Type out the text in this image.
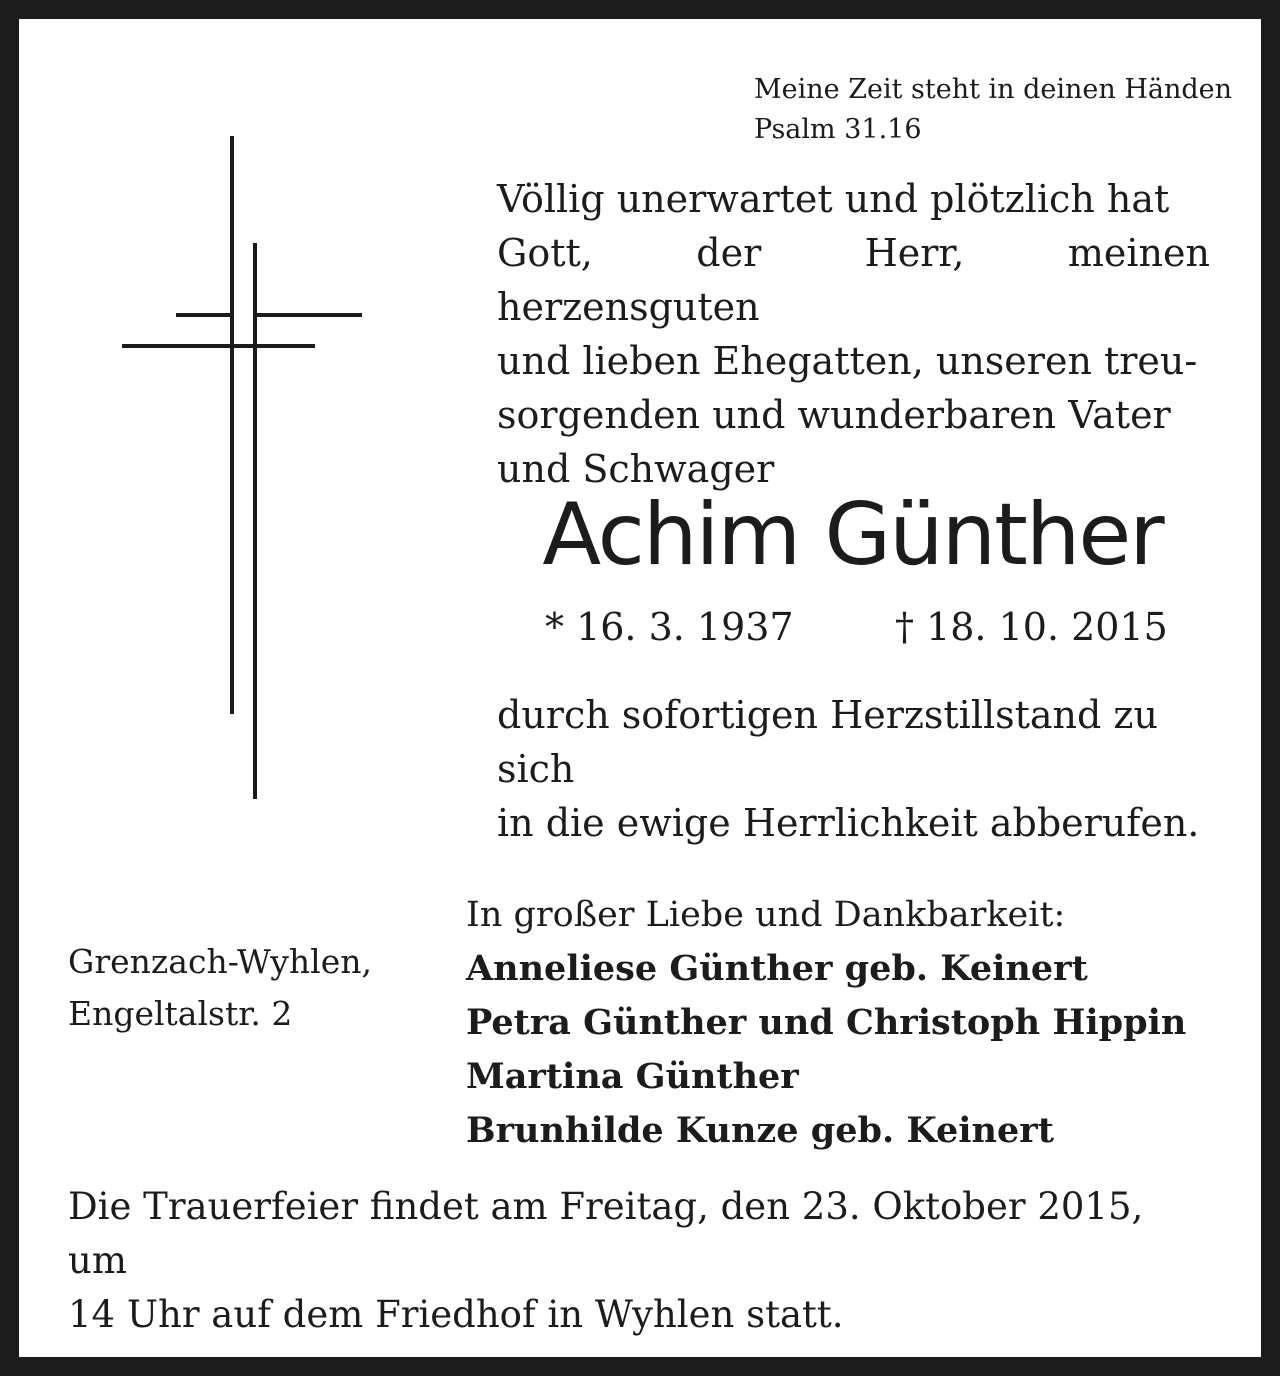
Meine Zeit steht in deinen Händen
Psalm 31.16
Völlig unerwartet und plötzlich hat
Gott, der Herr, meinen herzensguten
und lieben Ehegatten, unseren treu-
sorgenden und wunderbaren Vater
und Schwager
Achim Günther
* 16. 3. 1937	† 18. 10. 2015
durch sofortigen Herzstillstand zu sich
in die ewige Herrlichkeit abberufen.
Grenzach-Wyhlen,
Engeltalstr. 2
In großer Liebe und Dankbarkeit:
Anneliese Günther geb. Keinert
Petra Günther und Christoph Hippin
Martina Günther
Brunhilde Kunze geb. Keinert
Die Trauerfeier findet am Freitag, den 23. Oktober 2015, um
14 Uhr auf dem Friedhof in Wyhlen statt.
